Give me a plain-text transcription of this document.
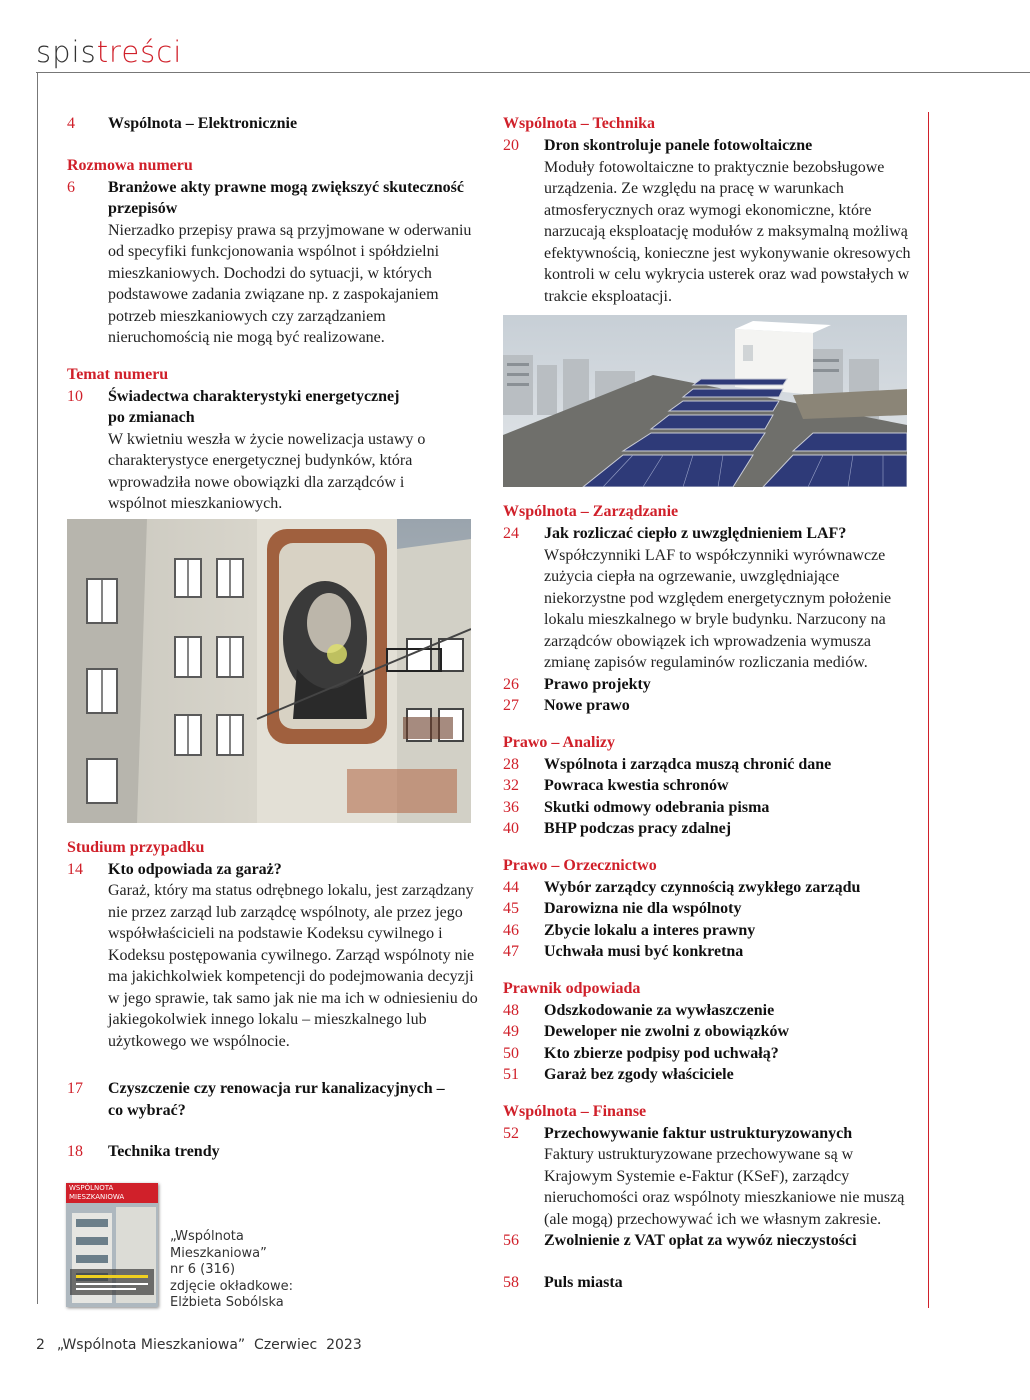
spistreści
4	Wspólnota – Elektronicznie
Rozmowa numeru
6	Branżowe akty prawne mogą zwiększyć skuteczność przepisów
Nierzadko przepisy prawa są przyjmowane w oderwaniu od specyfiki funkcjonowania wspólnot i spółdzielni mieszkaniowych. Dochodzi do sytuacji, w których podstawowe zadania związane np. z zaspokajaniem potrzeb mieszkaniowych czy zarządzaniem nieruchomością nie mogą być realizowane.
Temat numeru
10	Świadectwa charakterystyki energetycznej po zmianach
W kwietniu weszła w życie nowelizacja ustawy o charakterystyce energetycznej budynków, która wprowadziła nowe obowiązki dla zarządców i wspólnot mieszkaniowych.
Studium przypadku
14	Kto odpowiada za garaż?
Garaż, który ma status odrębnego lokalu, jest zarządzany nie przez zarząd lub zarządcę wspólnoty, ale przez jego współwłaścicieli na podstawie Kodeksu cywilnego i Kodeksu postępowania cywilnego. Zarząd wspólnoty nie ma jakichkolwiek kompetencji do podejmowania decyzji w jego sprawie, tak samo jak nie ma ich w odniesieniu do jakiegokolwiek innego lokalu – mieszkalnego lub użytkowego we wspólnocie.
17	Czyszczenie czy renowacja rur kanalizacyjnych – co wybrać?
18	Technika trendy
WSPÓLNOTA
MIESZKANIOWA
„Wspólnota
Mieszkaniowa”
nr 6 (316)
zdjęcie okładkowe:
Elżbieta Sobólska
Wspólnota – Technika
20	Dron skontroluje panele fotowoltaiczne
Moduły fotowoltaiczne to praktycznie bezobsługowe urządzenia. Ze względu na pracę w warunkach atmosferycznych oraz wymogi ekonomiczne, które narzucają eksploatację modułów z maksymalną możliwą efektywnością, konieczne jest wykonywanie okresowych kontroli w celu wykrycia usterek oraz wad powstałych w trakcie eksploatacji.
Wspólnota – Zarządzanie
24	Jak rozliczać ciepło z uwzględnieniem LAF?
Współczynniki LAF to współczynniki wyrównawcze zużycia ciepła na ogrzewanie, uwzględniające niekorzystne pod względem energetycznym położenie lokalu mieszkalnego w bryle budynku. Narzucony na zarządców obowiązek ich wprowadzenia wymusza zmianę zapisów regulaminów rozliczania mediów.
26	Prawo projekty
27	Nowe prawo
Prawo – Analizy
28	Wspólnota i zarządca muszą chronić dane
32	Powraca kwestia schronów
36	Skutki odmowy odebrania pisma
40	BHP podczas pracy zdalnej
Prawo – Orzecznictwo
44	Wybór zarządcy czynnością zwykłego zarządu
45	Darowizna nie dla wspólnoty
46	Zbycie lokalu a interes prawny
47	Uchwała musi być konkretna
Prawnik odpowiada
48	Odszkodowanie za wywłaszczenie
49	Deweloper nie zwolni z obowiązków
50	Kto zbierze podpisy pod uchwałą?
51	Garaż bez zgody właściciele
Wspólnota – Finanse
52	Przechowywanie faktur ustrukturyzowanych
Faktury ustrukturyzowane przechowywane są w Krajowym Systemie e-Faktur (KSeF), zarządcy nieruchomości oraz wspólnoty mieszkaniowe nie muszą (ale mogą) przechowywać ich we własnym zakresie.
56	Zwolnienie z VAT opłat za wywóz nieczystości
58	Puls miasta
2 „Wspólnota Mieszkaniowa”  Czerwiec  2023
